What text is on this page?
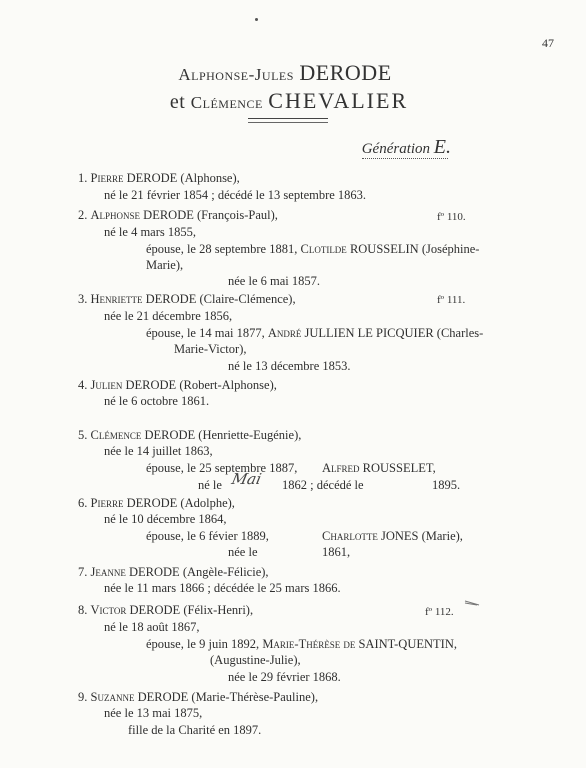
47
Alphonse-Jules DERODE
et Clémence CHEVALIER
Génération E.
1. Pierre DERODE (Alphonse),
né le 21 février 1854 ; décédé le 13 septembre 1863.
2. Alphonse DERODE (François-Paul),	fº 110.
né le 4 mars 1855,
épouse, le 28 septembre 1881, Clotilde ROUSSELIN (Joséphine-
Marie),
née le 6 mai 1857.
3. Henriette DERODE (Claire-Clémence),	fº 111.
née le 21 décembre 1856,
épouse, le 14 mai 1877, André JULLIEN LE PICQUIER (Charles-
Marie-Victor),
né le 13 décembre 1853.
4. Julien DERODE (Robert-Alphonse),
né le 6 octobre 1861.
5. Clémence DERODE (Henriette-Eugénie),
née le 14 juillet 1863,
épouse, le 25 septembre 1887, Alfred ROUSSELET,
né le Mai 1862 ; décédé le	1895.
6. Pierre DERODE (Adolphe),
né le 10 décembre 1864,
épouse, le 6 févier 1889,	Charlotte JONES (Marie),
née le	1861,
7. Jeanne DERODE (Angèle-Félicie),
née le 11 mars 1866 ; décédée le 25 mars 1866.
8. Victor DERODE (Félix-Henri),	fº 112.
né le 18 août 1867,
épouse, le 9 juin 1892, Marie-Thérèse de SAINT-QUENTIN,
(Augustine-Julie),
née le 29 février 1868.
9. Suzanne DERODE (Marie-Thérèse-Pauline),
née le 13 mai 1875,
fille de la Charité en 1897.
